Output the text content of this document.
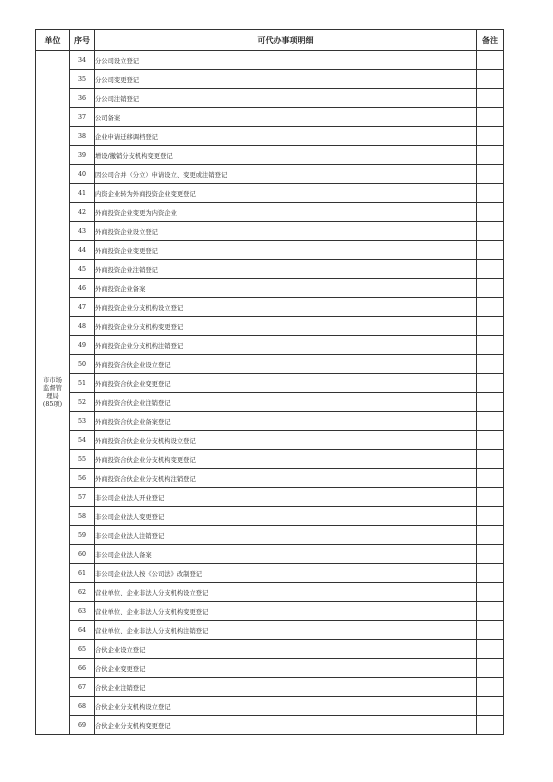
单位	序号	可代办事项明细	备注

市市场
监督管
理局
(85项)	34	分公司设立登记	
	35	分公司变更登记	
	36	分公司注销登记	
	37	公司备案	
	38	企业申请迁移调档登记	
	39	增设/撤销分支机构变更登记	
	40	因公司合并（分立）申请设立、变更或注销登记	
	41	内资企业转为外商投资企业变更登记	
	42	外商投资企业变更为内资企业	
	43	外商投资企业设立登记	
	44	外商投资企业变更登记	
	45	外商投资企业注销登记	
	46	外商投资企业备案	
	47	外商投资企业分支机构设立登记	
	48	外商投资企业分支机构变更登记	
	49	外商投资企业分支机构注销登记	
	50	外商投资合伙企业设立登记	
	51	外商投资合伙企业变更登记	
	52	外商投资合伙企业注销登记	
	53	外商投资合伙企业备案登记	
	54	外商投资合伙企业分支机构设立登记	
	55	外商投资合伙企业分支机构变更登记	
	56	外商投资合伙企业分支机构注销登记	
	57	非公司企业法人开业登记	
	58	非公司企业法人变更登记	
	59	非公司企业法人注销登记	
	60	非公司企业法人备案	
	61	非公司企业法人按《公司法》改制登记	
	62	营业单位、企业非法人分支机构设立登记	
	63	营业单位、企业非法人分支机构变更登记	
	64	营业单位、企业非法人分支机构注销登记	
	65	合伙企业设立登记	
	66	合伙企业变更登记	
	67	合伙企业注销登记	
	68	合伙企业分支机构设立登记	
	69	合伙企业分支机构变更登记	
